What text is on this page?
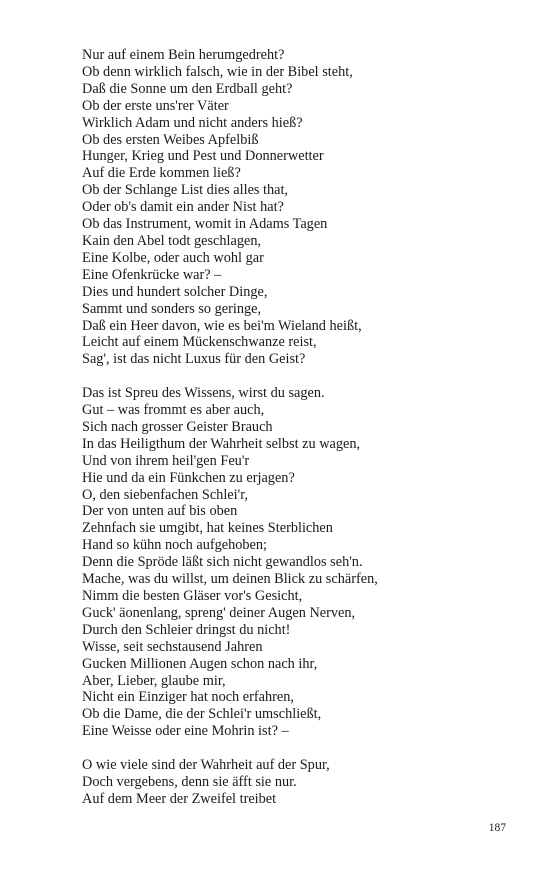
Nur auf einem Bein herumgedreht?
Ob denn wirklich falsch, wie in der Bibel steht,
Daß die Sonne um den Erdball geht?
Ob der erste uns'rer Väter
Wirklich Adam und nicht anders hieß?
Ob des ersten Weibes Apfelbiß
Hunger, Krieg und Pest und Donnerwetter
Auf die Erde kommen ließ?
Ob der Schlange List dies alles that,
Oder ob's damit ein ander Nist hat?
Ob das Instrument, womit in Adams Tagen
Kain den Abel todt geschlagen,
Eine Kolbe, oder auch wohl gar
Eine Ofenkrücke war? –
Dies und hundert solcher Dinge,
Sammt und sonders so geringe,
Daß ein Heer davon, wie es bei'm Wieland heißt,
Leicht auf einem Mückenschwanze reist,
Sag', ist das nicht Luxus für den Geist?
Das ist Spreu des Wissens, wirst du sagen.
Gut – was frommt es aber auch,
Sich nach grosser Geister Brauch
In das Heiligthum der Wahrheit selbst zu wagen,
Und von ihrem heil'gen Feu'r
Hie und da ein Fünkchen zu erjagen?
O, den siebenfachen Schlei'r,
Der von unten auf bis oben
Zehnfach sie umgibt, hat keines Sterblichen
Hand so kühn noch aufgehoben;
Denn die Spröde läßt sich nicht gewandlos seh'n.
Mache, was du willst, um deinen Blick zu schärfen,
Nimm die besten Gläser vor's Gesicht,
Guck' äonenlang, spreng' deiner Augen Nerven,
Durch den Schleier dringst du nicht!
Wisse, seit sechstausend Jahren
Gucken Millionen Augen schon nach ihr,
Aber, Lieber, glaube mir,
Nicht ein Einziger hat noch erfahren,
Ob die Dame, die der Schlei'r umschließt,
Eine Weisse oder eine Mohrin ist? –
O wie viele sind der Wahrheit auf der Spur,
Doch vergebens, denn sie äfft sie nur.
Auf dem Meer der Zweifel treibet
187
